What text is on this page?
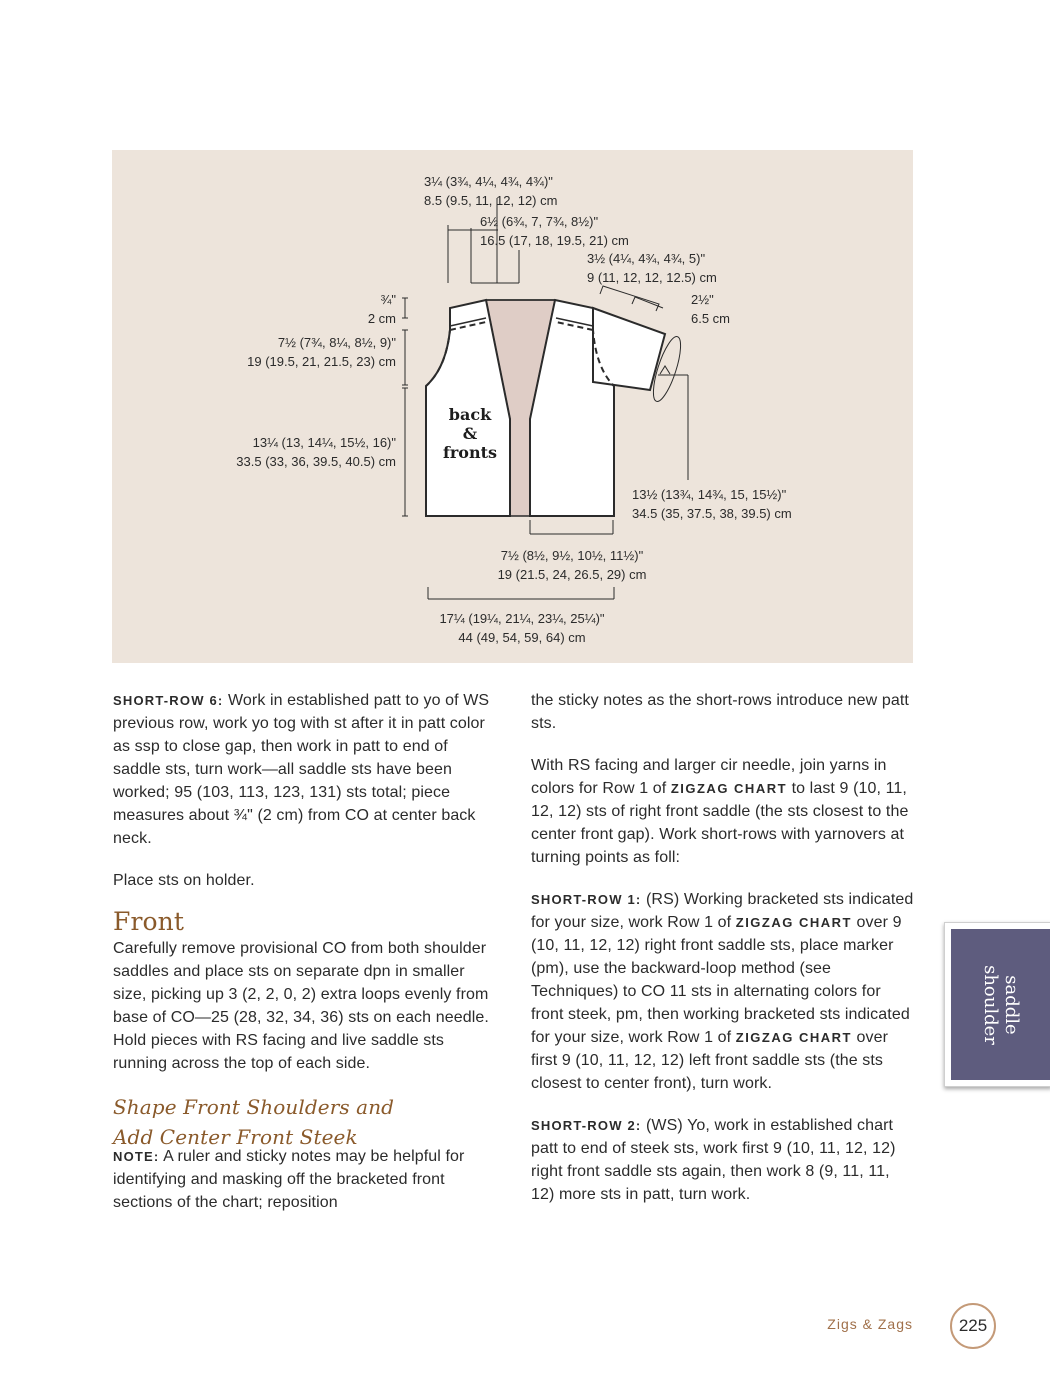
3¼ (3¾, 4¼, 4¾, 4¾)"
8.5 (9.5, 11, 12, 12) cm
6½ (6¾, 7, 7¾, 8½)"
16.5 (17, 18, 19.5, 21) cm
3½ (4¼, 4¾, 4¾, 5)"
9 (11, 12, 12, 12.5) cm
2½"
6.5 cm
¾"
2 cm
7½ (7¾, 8¼, 8½, 9)"
19 (19.5, 21, 21.5, 23) cm
13¼ (13, 14¼, 15½, 16)"
33.5 (33, 36, 39.5, 40.5) cm
13½ (13¾, 14¾, 15, 15½)"
34.5 (35, 37.5, 38, 39.5) cm
7½ (8½, 9½, 10½, 11½)"
19 (21.5, 24, 26.5, 29) cm
17¼ (19¼, 21¼, 23¼, 25¼)"
44 (49, 54, 59, 64) cm
back
&
fronts

SHORT-ROW 6: Work in established patt to yo of WS previous row, work yo tog with st after it in patt color as ssp to close gap, then work in patt to end of saddle sts, turn work—all saddle sts have been worked; 95 (103, 113, 123, 131) sts total; piece measures about ¾" (2 cm) from CO at center back neck.

Place sts on holder.

Front

Carefully remove provisional CO from both shoulder saddles and place sts on separate dpn in smaller size, picking up 3 (2, 2, 0, 2) extra loops evenly from base of CO—25 (28, 32, 34, 36) sts on each needle. Hold pieces with RS facing and live saddle sts running across the top of each side.

Shape Front Shoulders and
Add Center Front Steek

NOTE: A ruler and sticky notes may be helpful for identifying and masking off the bracketed front sections of the chart; reposition

the sticky notes as the short-rows introduce new patt sts.

With RS facing and larger cir needle, join yarns in colors for Row 1 of ZIGZAG CHART to last 9 (10, 11, 12, 12) sts of right front saddle (the sts closest to the center front gap). Work short-rows with yarnovers at turning points as foll:

SHORT-ROW 1: (RS) Working bracketed sts indicated for your size, work Row 1 of ZIGZAG CHART over 9 (10, 11, 12, 12) right front saddle sts, place marker (pm), use the backward-loop method (see Techniques) to CO 11 sts in alternating colors for front steek, pm, then working bracketed sts indicated for your size, work Row 1 of ZIGZAG CHART over first 9 (10, 11, 12, 12) left front saddle sts (the sts closest to center front), turn work.

SHORT-ROW 2: (WS) Yo, work in established chart patt to end of steek sts, work first 9 (10, 11, 12, 12) right front saddle sts again, then work 8 (9, 11, 11, 12) more sts in patt, turn work.

saddle
shoulder
Zigs & Zags	225
